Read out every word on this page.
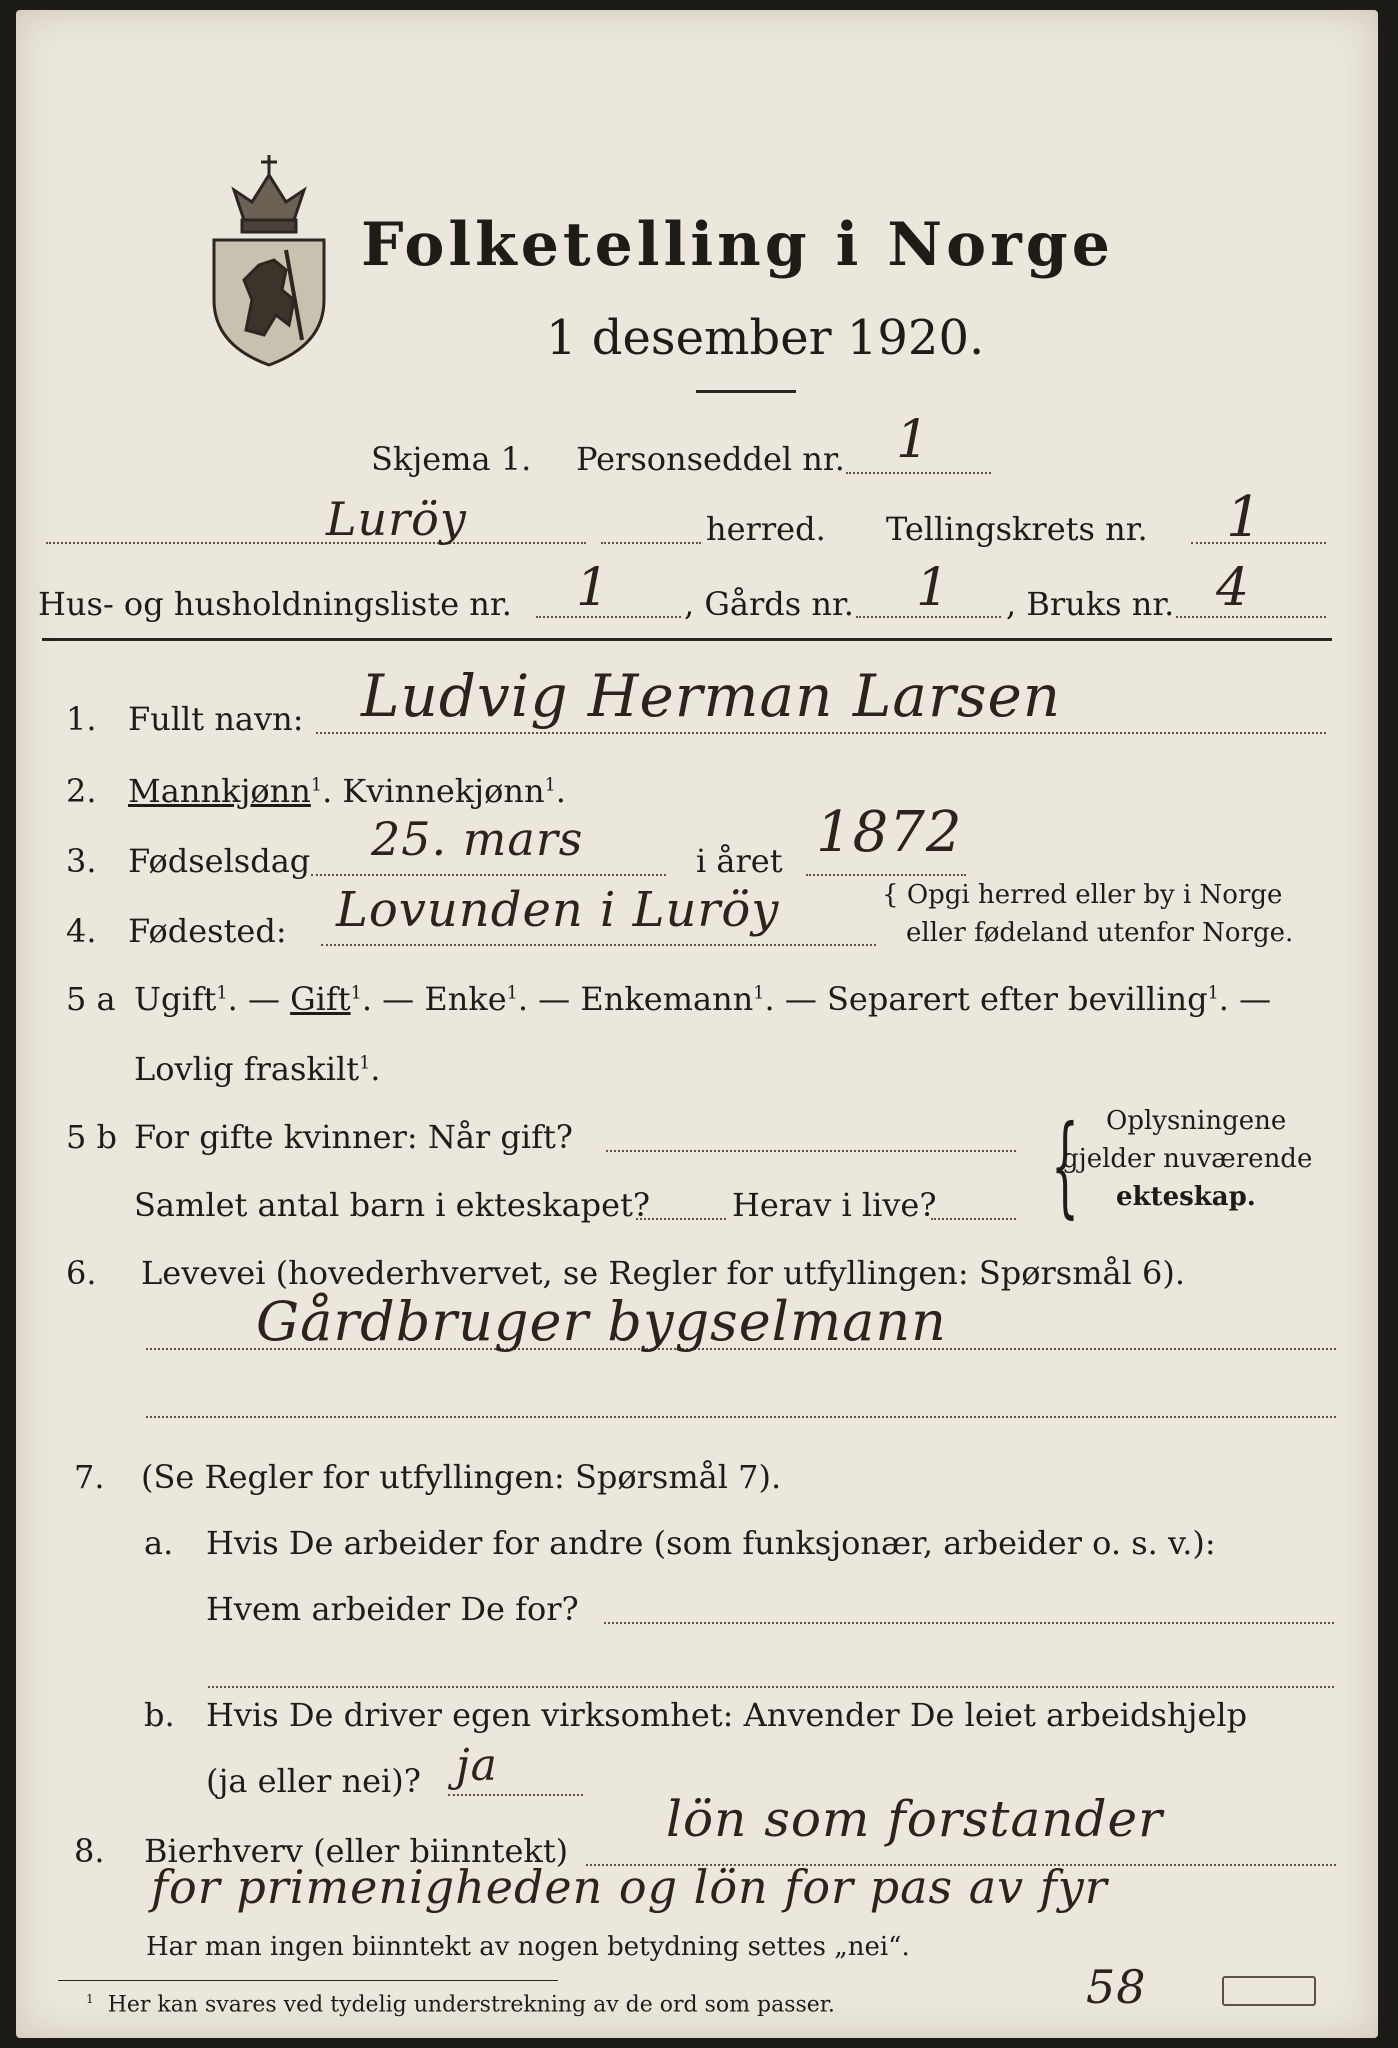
Folketelling i Norge
1 desember 1920.
Skjema 1. Personseddel nr. 1
Luröy	herred. Tellingskrets nr. 1
Hus- og husholdningsliste nr. 1 , Gårds nr. 1 , Bruks nr. 4
1. Fullt navn: Ludvig Herman Larsen
2. Mannkjønn$^1$. Kvinnekjønn$^1$.
3. Fødselsdag 25. mars	i året 1872
4. Fødested: Lovunden i Luröy	{ Opgi herred eller by i Norge
eller fødeland utenfor Norge.
5 a Ugift$^1$. — Gift$^1$. — Enke$^1$. — Enkemann$^1$. — Separert efter bevilling$^1$. —
Lovlig fraskilt$^1$.
5 b For gifte kvinner: Når gift?
Samlet antal barn i ekteskapet?	Herav i live? { Oplysningene
gjelder nuværende
ekteskap.
6. Levevei (hovederhvervet, se Regler for utfyllingen: Spørsmål 6).
Gårdbruger bygselmann
7. (Se Regler for utfyllingen: Spørsmål 7).
a. Hvis De arbeider for andre (som funksjonær, arbeider o. s. v.):
Hvem arbeider De for?
b. Hvis De driver egen virksomhet: Anvender De leiet arbeidshjelp
(ja eller nei)? ja
8. Bierhverv (eller biinntekt)
lön som forstander
for primenigheden og lön for pas av fyr
Har man ingen biinntekt av nogen betydning settes „nei“.
$^1$ Her kan svares ved tydelig understrekning av de ord som passer.	58
